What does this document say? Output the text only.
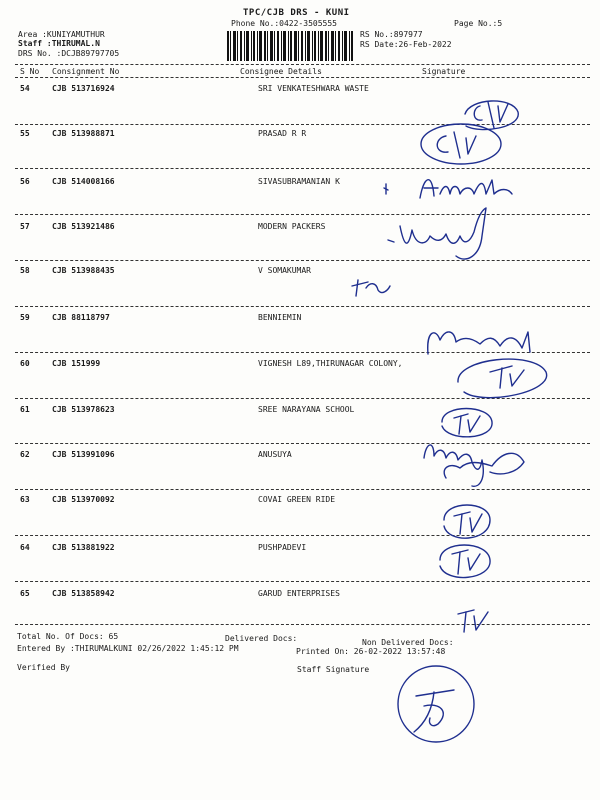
TPC/CJB DRS - KUNI
Phone No.:0422-3505555	Page No.:5
Area :KUNIYAMUTHUR
Staff :THIRUMAL.N
DRS No. :DCJB89797705
RS No.:897977
RS Date:26-Feb-2022
S No Consignment No	Consignee Details	Signature
54	CJB 513716924	SRI VENKATESHWARA WASTE
55	CJB 513988871	PRASAD R R
56	CJB 514008166	SIVASUBRAMANIAN K
57	CJB 513921486	MODERN PACKERS
58	CJB 513988435	V SOMAKUMAR
59	CJB 88118797	BENNIEMIN
60	CJB 151999	VIGNESH L89,THIRUNAGAR COLONY,
61	CJB 513978623	SREE NARAYANA SCHOOL
62	CJB 513991096	ANUSUYA
63	CJB 513970092	COVAI GREEN RIDE
64	CJB 513881922	PUSHPADEVI
65	CJB 513858942	GARUD ENTERPRISES
Total No. Of Docs: 65	Delivered Docs:	Non Delivered Docs:
Entered By :THIRUMALKUNI 02/26/2022 1:45:12 PM	Printed On: 26-02-2022 13:57:48
Verified By	Staff Signature
